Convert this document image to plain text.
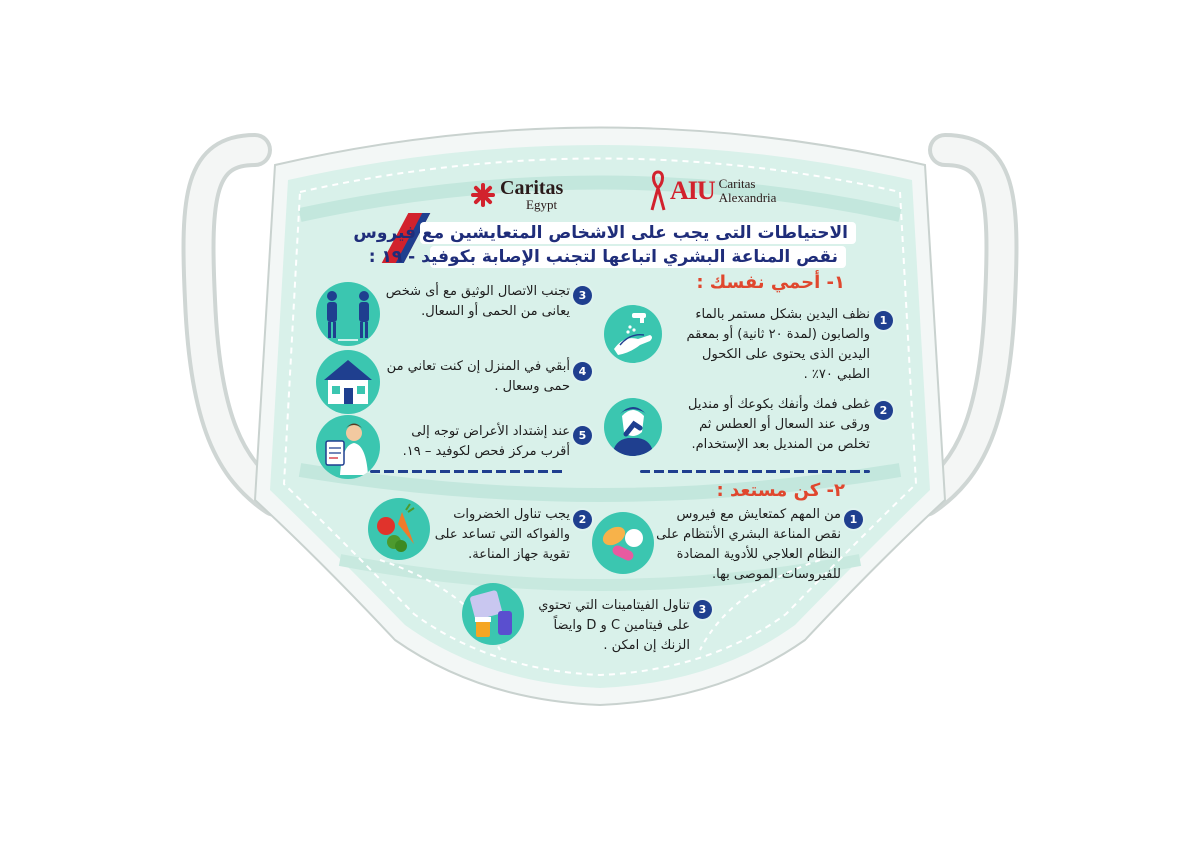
Caritas
Egypt	AIU Caritas
Alexandria
الاحتياطات التى يجب على الاشخاص المتعايشين مع فيروس
نقص المناعة البشري اتباعها لتجنب الإصابة بكوفيد - ١٩ :
١- أحمي نفسك :
٢- كن مستعد :
1
نظف اليدين بشكل مستمر بالماء والصابون (لمدة ٢٠ ثانية) أو بمعقم اليدين الذى يحتوى على الكحول الطبي ٧٠٪ .
2
غطى فمك وأنفك بكوعك أو منديل ورقى عند السعال أو العطس ثم تخلص من المنديل بعد الإستخدام.
3
تجنب الاتصال الوثيق مع أى شخص يعانى من الحمى أو السعال.
4
أبقي في المنزل إن كنت تعاني من حمى وسعال .
5
عند إشتداد الأعراض توجه إلى أقرب مركز فحص لكوفيد – ١٩.
1
من المهم كمتعايش مع فيروس نقص المناعة البشري الأنتظام على النظام العلاجي للأدوية المضادة للفيروسات الموصى بها.
2
يجب تناول الخضروات والفواكه التي تساعد على تقوية جهاز المناعة.
3
تناول الفيتامينات التي تحتوي على فيتامين C و D وايضاً الزنك إن امكن .
